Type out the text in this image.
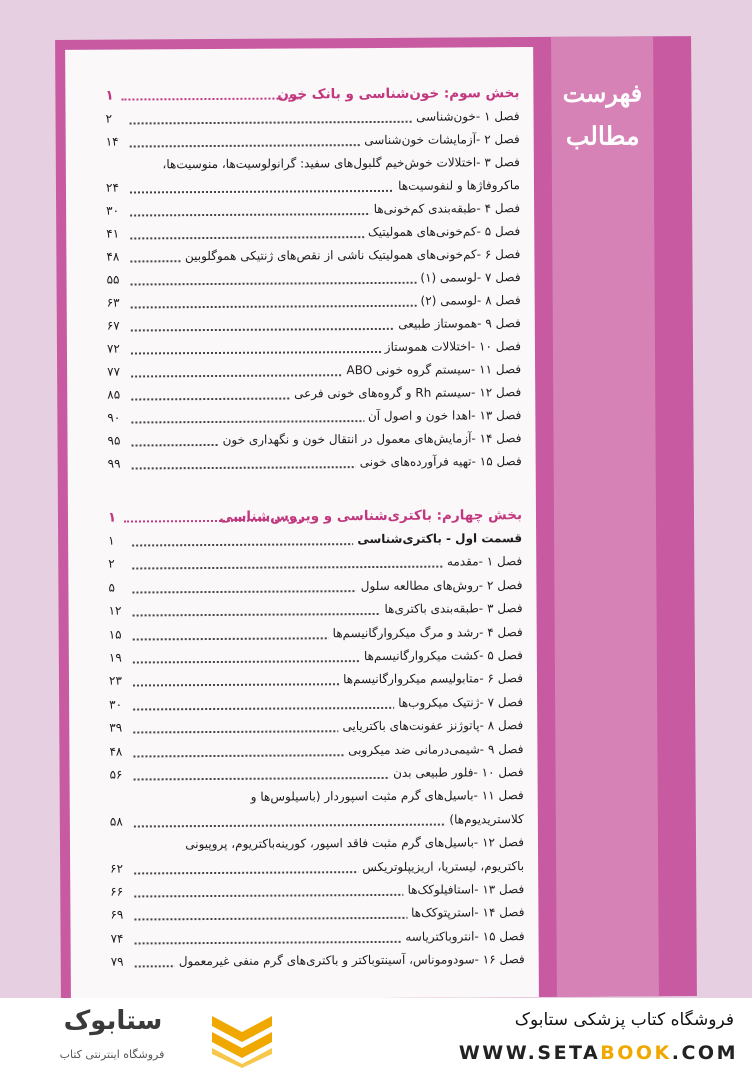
فهرست
مطالب
بخش سوم: خون‌شناسی و بانک خون
۱
فصل ۱ -خون‌شناسی
۲
فصل ۲ -آزمایشات خون‌شناسی
۱۴
فصل ۳ -اختلالات خوش‌خیم گلبول‌های سفید: گرانولوسیت‌ها، منوسیت‌ها،
ماکروفاژها و لنفوسیت‌ها
۲۴
فصل ۴ -طبقه‌بندی کم‌خونی‌ها
۳۰
فصل ۵ -کم‌خونی‌های همولیتیک
۴۱
فصل ۶ -کم‌خونی‌های همولیتیک ناشی از نقص‌های ژنتیکی هموگلوبین
۴۸
فصل ۷ -لوسمی (۱)
۵۵
فصل ۸ -لوسمی (۲)
۶۳
فصل ۹ -هموستاز طبیعی
۶۷
فصل ۱۰ -اختلالات هموستاز
۷۲
فصل ۱۱ -سیستم گروه خونی ABO
۷۷
فصل ۱۲ -سیستم Rh و گروه‌های خونی فرعی
۸۵
فصل ۱۳ -اهدا خون و اصول آن
۹۰
فصل ۱۴ -آزمایش‌های معمول در انتقال خون و نگهداری خون
۹۵
فصل ۱۵ -تهیه فرآورده‌های خونی
۹۹
بخش چهارم: باکتری‌شناسی و ویروس‌شناسی
۱
قسمت اول - باکتری‌شناسی
۱
فصل ۱ -مقدمه
۲
فصل ۲ -روش‌های مطالعه سلول
۵
فصل ۳ -طبقه‌بندی باکتری‌ها
۱۲
فصل ۴ -رشد و مرگ میکروارگانیسم‌ها
۱۵
فصل ۵ -کشت میکروارگانیسم‌ها
۱۹
فصل ۶ -متابولیسم میکروارگانیسم‌ها
۲۳
فصل ۷ -ژنتیک میکروب‌ها
۳۰
فصل ۸ -پاتوژنز عفونت‌های باکتریایی
۳۹
فصل ۹ -شیمی‌درمانی ضد میکروبی
۴۸
فصل ۱۰ -فلور طبیعی بدن
۵۶
فصل ۱۱ -باسیل‌های گرم مثبت اسپوردار (باسیلوس‌ها و
کلاستریدیوم‌ها)
۵۸
فصل ۱۲ -باسیل‌های گرم مثبت فاقد اسپور، کورینه‌باکتریوم، پروپیونی
باکتریوم، لیستریا، اریزیپلوتریکس
۶۲
فصل ۱۳ -استافیلوکک‌ها
۶۶
فصل ۱۴ -استرپتوکک‌ها
۶۹
فصل ۱۵ -انتروباکتریاسه
۷۴
فصل ۱۶ -سودوموناس، آسینتوباکتر و باکتری‌های گرم منفی غیرمعمول
۷۹
ستابوک
فروشگاه اینترنتی کتاب
فروشگاه کتاب پزشکی ستابوک
WWW.SETABOOK.COM
